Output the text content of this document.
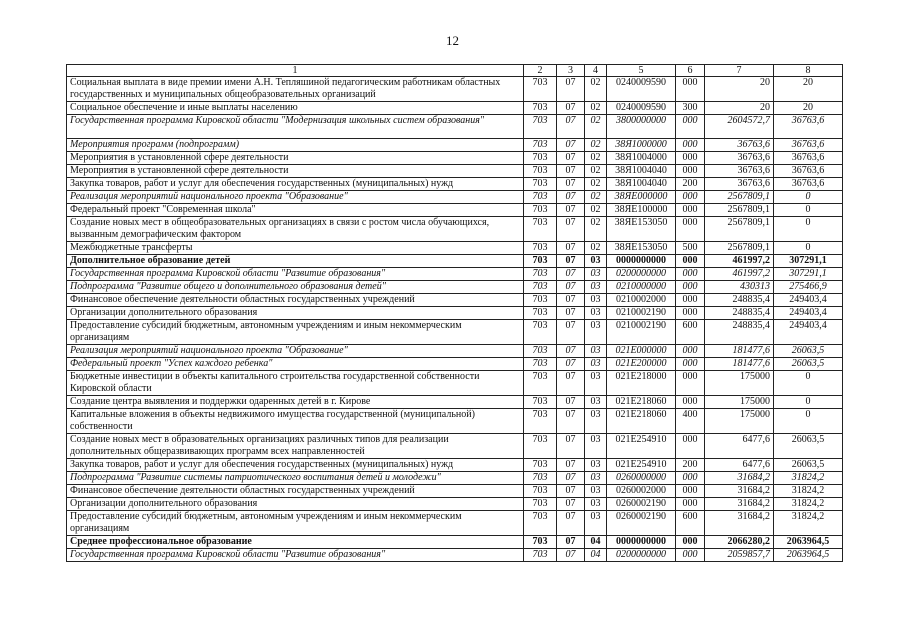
12
1	2	3	4	5	6	7	8
Социальная выплата в виде премии имени А.Н. Тепляшиной педагогическим работникам областных государственных и муниципальных общеобразовательных организаций	703	07	02	0240009590	000	20	20
Социальное обеспечение и иные выплаты населению	703	07	02	0240009590	300	20	20
Государственная программа Кировской области "Модернизация школьных систем образования"	703	07	02	3800000000	000	2604572,7	36763,6
Мероприятия программ (подпрограмм)	703	07	02	38Я1000000	000	36763,6	36763,6
Мероприятия в установленной сфере деятельности	703	07	02	38Я1004000	000	36763,6	36763,6
Мероприятия в установленной сфере деятельности	703	07	02	38Я1004040	000	36763,6	36763,6
Закупка товаров, работ и услуг для обеспечения государственных (муниципальных) нужд	703	07	02	38Я1004040	200	36763,6	36763,6
Реализация мероприятий национального проекта "Образование"	703	07	02	38ЯЕ000000	000	2567809,1	0
Федеральный проект "Современная школа"	703	07	02	38ЯЕ100000	000	2567809,1	0
Создание новых мест в общеобразовательных организациях в связи с ростом числа обучающихся, вызванным демографическим фактором	703	07	02	38ЯЕ153050	000	2567809,1	0
Межбюджетные трансферты	703	07	02	38ЯЕ153050	500	2567809,1	0
Дополнительное образование детей	703	07	03	0000000000	000	461997,2	307291,1
Государственная программа Кировской области "Развитие образования"	703	07	03	0200000000	000	461997,2	307291,1
Подпрограмма "Развитие общего и дополнительного образования детей"	703	07	03	0210000000	000	430313	275466,9
Финансовое обеспечение деятельности областных государственных учреждений	703	07	03	0210002000	000	248835,4	249403,4
Организации дополнительного образования	703	07	03	0210002190	000	248835,4	249403,4
Предоставление субсидий бюджетным, автономным учреждениям и иным некоммерческим организациям	703	07	03	0210002190	600	248835,4	249403,4
Реализация мероприятий национального проекта "Образование"	703	07	03	021Е000000	000	181477,6	26063,5
Федеральный проект "Успех каждого ребенка"	703	07	03	021Е200000	000	181477,6	26063,5
Бюджетные инвестиции в объекты капитального строительства государственной собственности Кировской области	703	07	03	021Е218000	000	175000	0
Создание центра выявления и поддержки одаренных детей в г. Кирове	703	07	03	021Е218060	000	175000	0
Капитальные вложения в объекты недвижимого имущества государственной (муниципальной) собственности	703	07	03	021Е218060	400	175000	0
Создание новых мест в образовательных организациях различных типов для реализации дополнительных общеразвивающих программ всех направленностей	703	07	03	021Е254910	000	6477,6	26063,5
Закупка товаров, работ и услуг для обеспечения государственных (муниципальных) нужд	703	07	03	021Е254910	200	6477,6	26063,5
Подпрограмма "Развитие системы патриотического воспитания детей и молодежи"	703	07	03	0260000000	000	31684,2	31824,2
Финансовое обеспечение деятельности областных государственных учреждений	703	07	03	0260002000	000	31684,2	31824,2
Организации дополнительного образования	703	07	03	0260002190	000	31684,2	31824,2
Предоставление субсидий бюджетным, автономным учреждениям и иным некоммерческим организациям	703	07	03	0260002190	600	31684,2	31824,2
Среднее профессиональное образование	703	07	04	0000000000	000	2066280,2	2063964,5
Государственная программа Кировской области "Развитие образования"	703	07	04	0200000000	000	2059857,7	2063964,5
